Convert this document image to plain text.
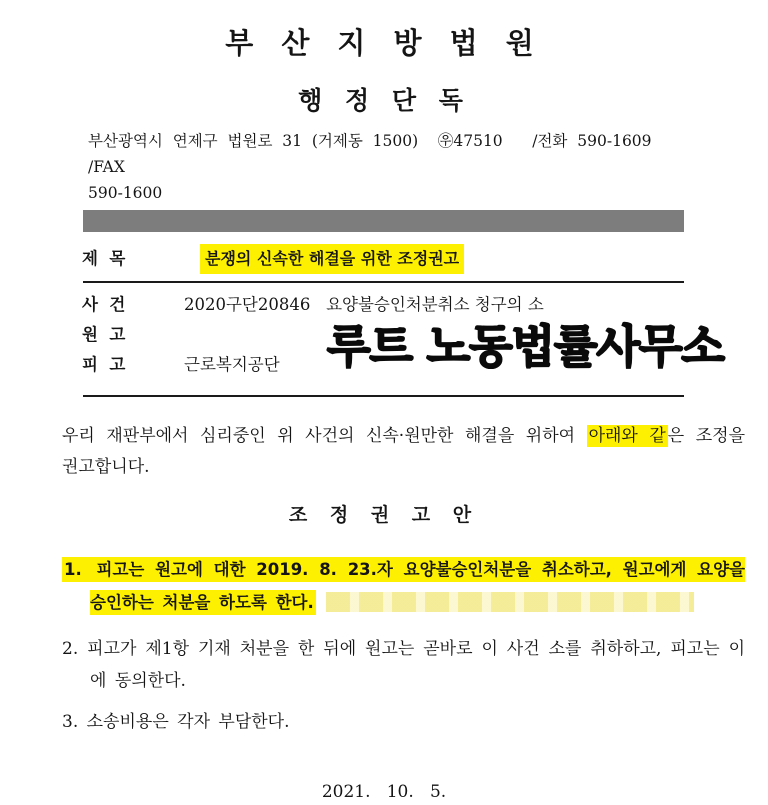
부 산 지 방 법 원
행 정 단 독
부산광역시  연제구  법원로  31  (거제동  1500)    ㉾47510      /전화  590-1609    /FAX
590-1600
제  목	분쟁의 신속한 해결을 위한 조정권고
사  건	2020구단20846   요양불승인처분취소 청구의 소
원  고
피  고	근로복지공단 루트 노동법률사무소
우리 재판부에서 심리중인 위 사건의 신속·원만한 해결을 위하여 아래와 같 은 조정을 권고합니다.
조 정 권 고 안
1. 피고는 원고에 대한 2019. 8. 23.자 요양불승인처분을 취소하고, 원고에게 요양을 승인하는 처분을 하도록 한다.
2. 피고가 제1항 기재 처분을 한 뒤에 원고는 곧바로 이 사건 소를 취하하고, 피고는 이에 동의한다.
3. 소송비용은 각자 부담한다.
2021.   10.   5.
